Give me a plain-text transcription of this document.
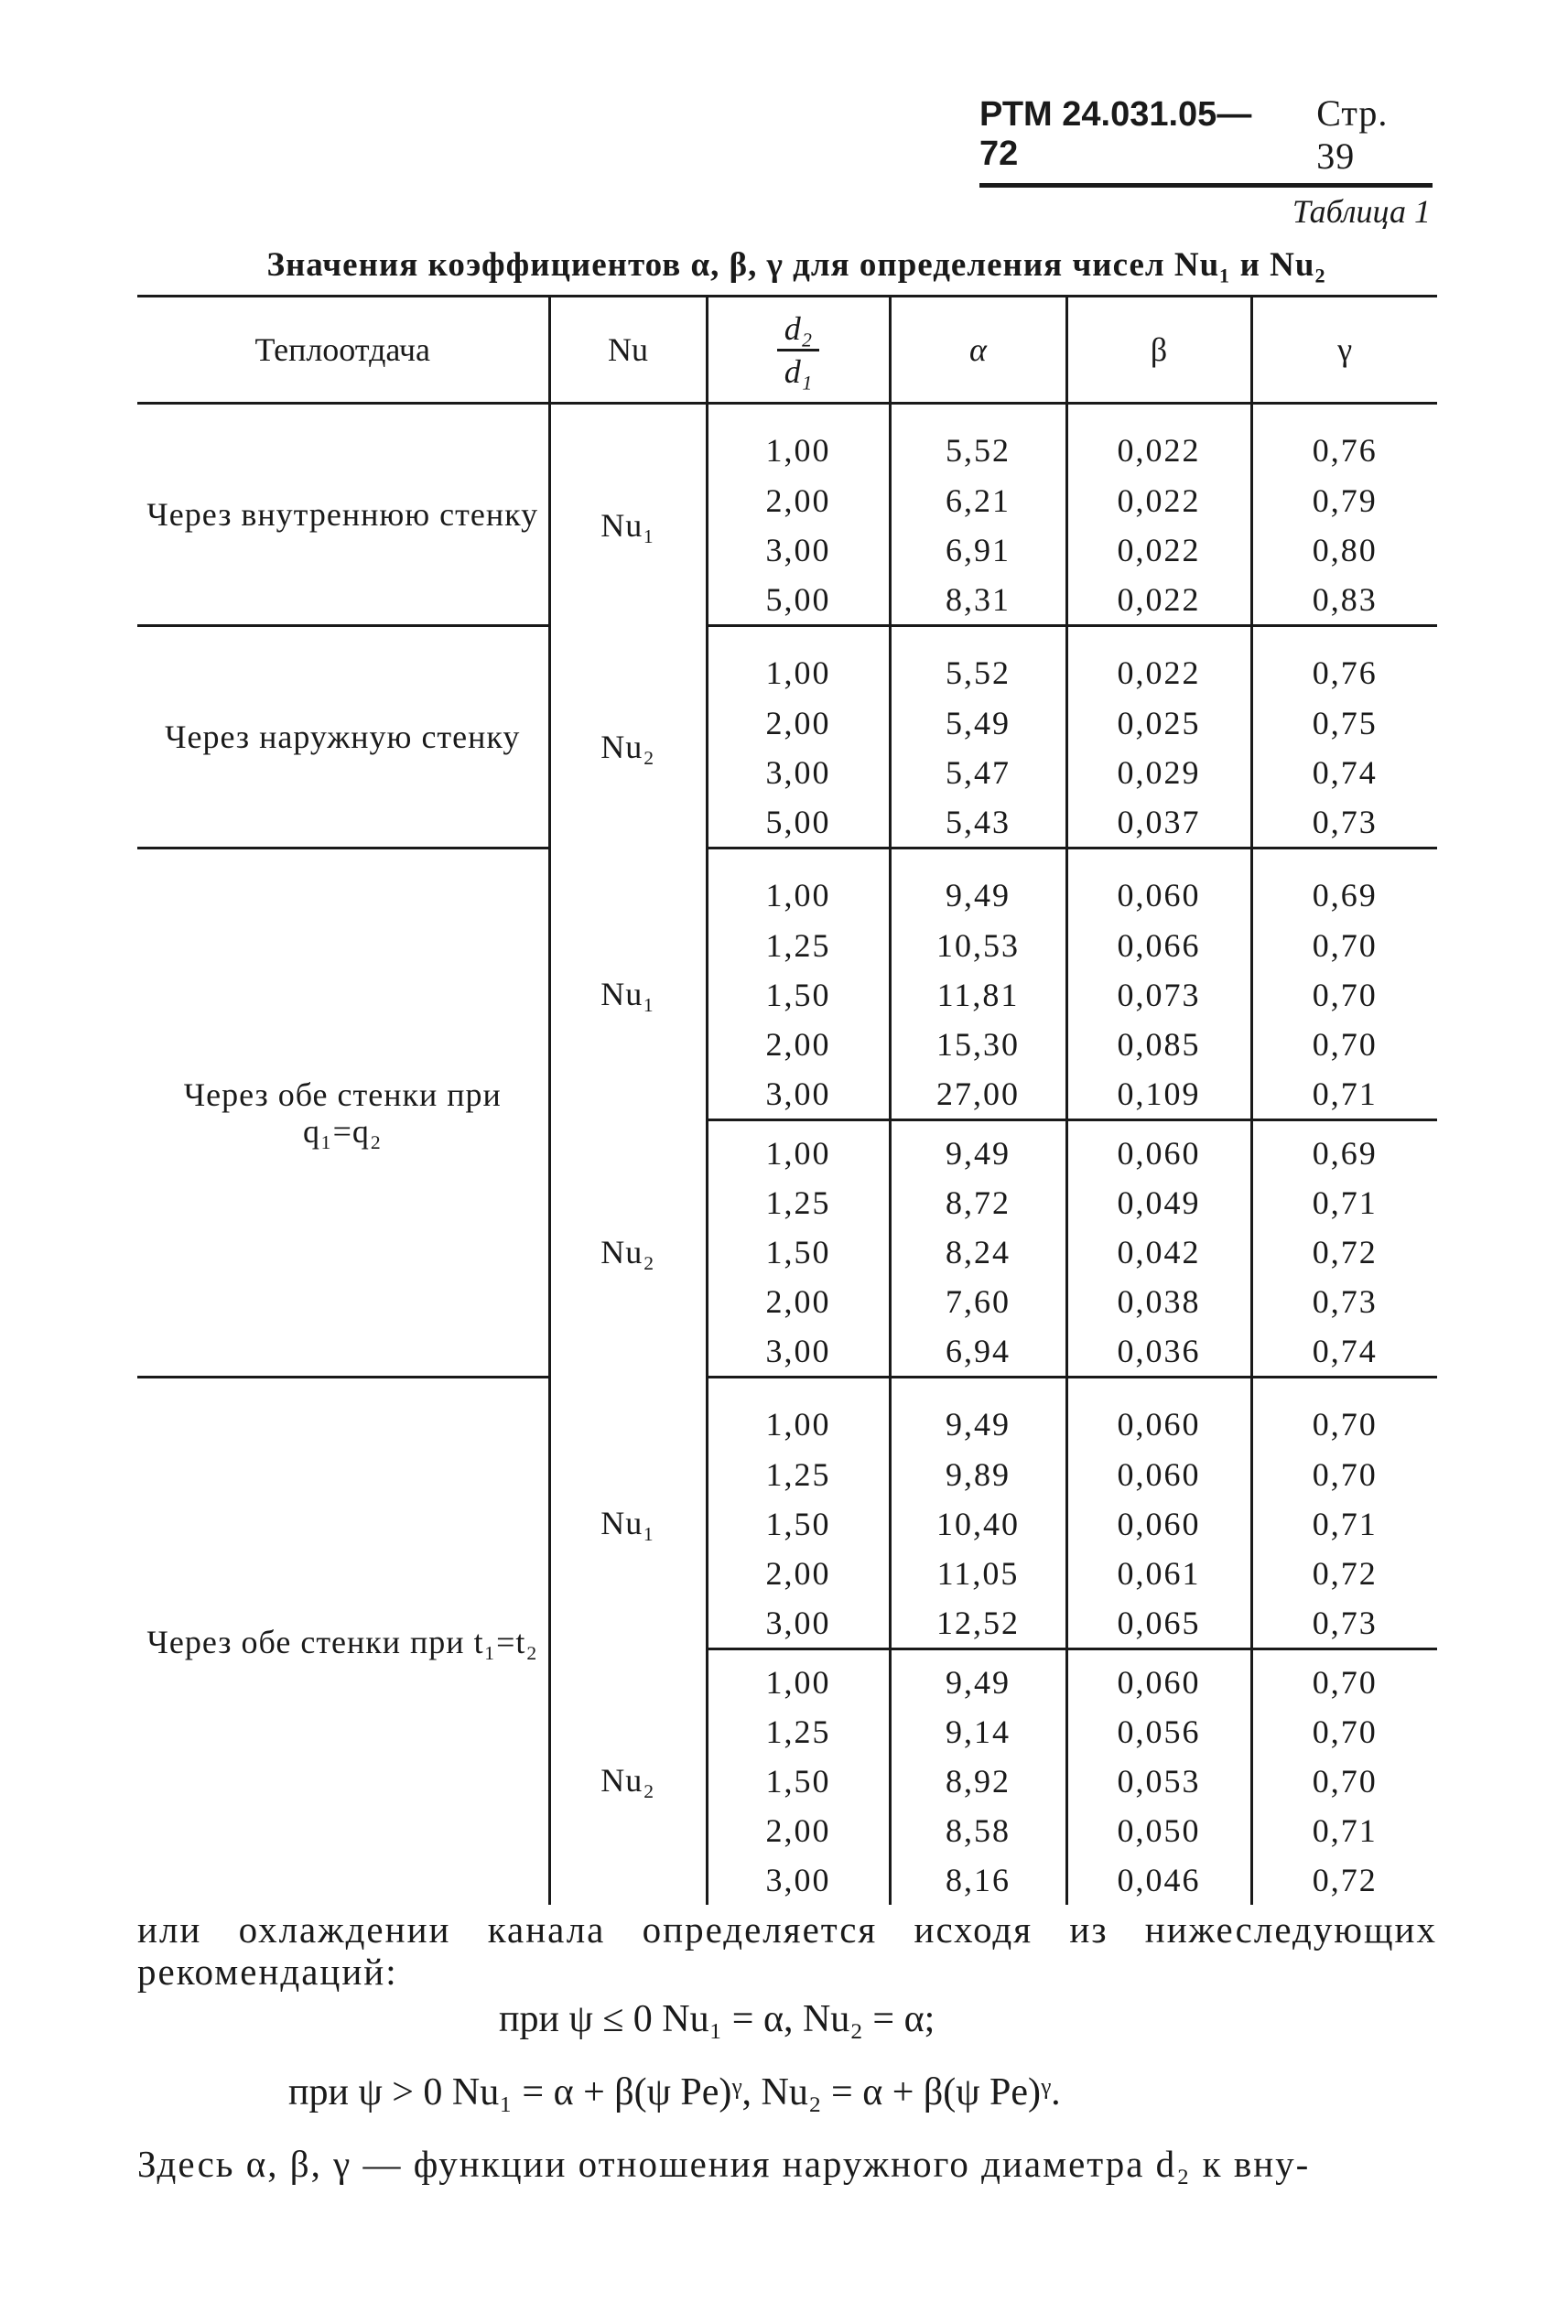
РТМ 24.031.05—72
Стр. 39
Таблица 1
Значения коэффициентов α, β, γ для определения чисел Nu₁ и Nu₂
Теплоотдача	Nu	$\frac{\text{d₂}}{\text{d₁}}$	α	β	γ
Через внутреннюю стенку	Nu₁	1,00	5,52	0,022	0,76
		2,00	6,21	0,022	0,79
		3,00	6,91	0,022	0,80
		5,00	8,31	0,022	0,83
Через наружную стенку	Nu₂	1,00	5,52	0,022	0,76
		2,00	5,49	0,025	0,75
		3,00	5,47	0,029	0,74
		5,00	5,43	0,037	0,73
Через обе стенки при q₁=q₂	Nu₁	1,00	9,49	0,060	0,69
		1,25	10,53	0,066	0,70
		1,50	11,81	0,073	0,70
		2,00	15,30	0,085	0,70
		3,00	27,00	0,109	0,71
	Nu₂	1,00	9,49	0,060	0,69
		1,25	8,72	0,049	0,71
		1,50	8,24	0,042	0,72
		2,00	7,60	0,038	0,73
		3,00	6,94	0,036	0,74
Через обе стенки при t₁=t₂	Nu₁	1,00	9,49	0,060	0,70
		1,25	9,89	0,060	0,70
		1,50	10,40	0,060	0,71
		2,00	11,05	0,061	0,72
		3,00	12,52	0,065	0,73
	Nu₂	1,00	9,49	0,060	0,70
		1,25	9,14	0,056	0,70
		1,50	8,92	0,053	0,70
		2,00	8,58	0,050	0,71
		3,00	8,16	0,046	0,72
или охлаждении канала определяется исходя из нижеследующих рекомендаций:
при ψ ≤ 0 Nu₁ = α, Nu₂ = α;
при ψ > 0 Nu₁ = α + β(ψ Pe)ᵞ, Nu₂ = α + β(ψ Pe)ᵞ.
Здесь α, β, γ — функции отношения наружного диаметра d₂ к вну-
